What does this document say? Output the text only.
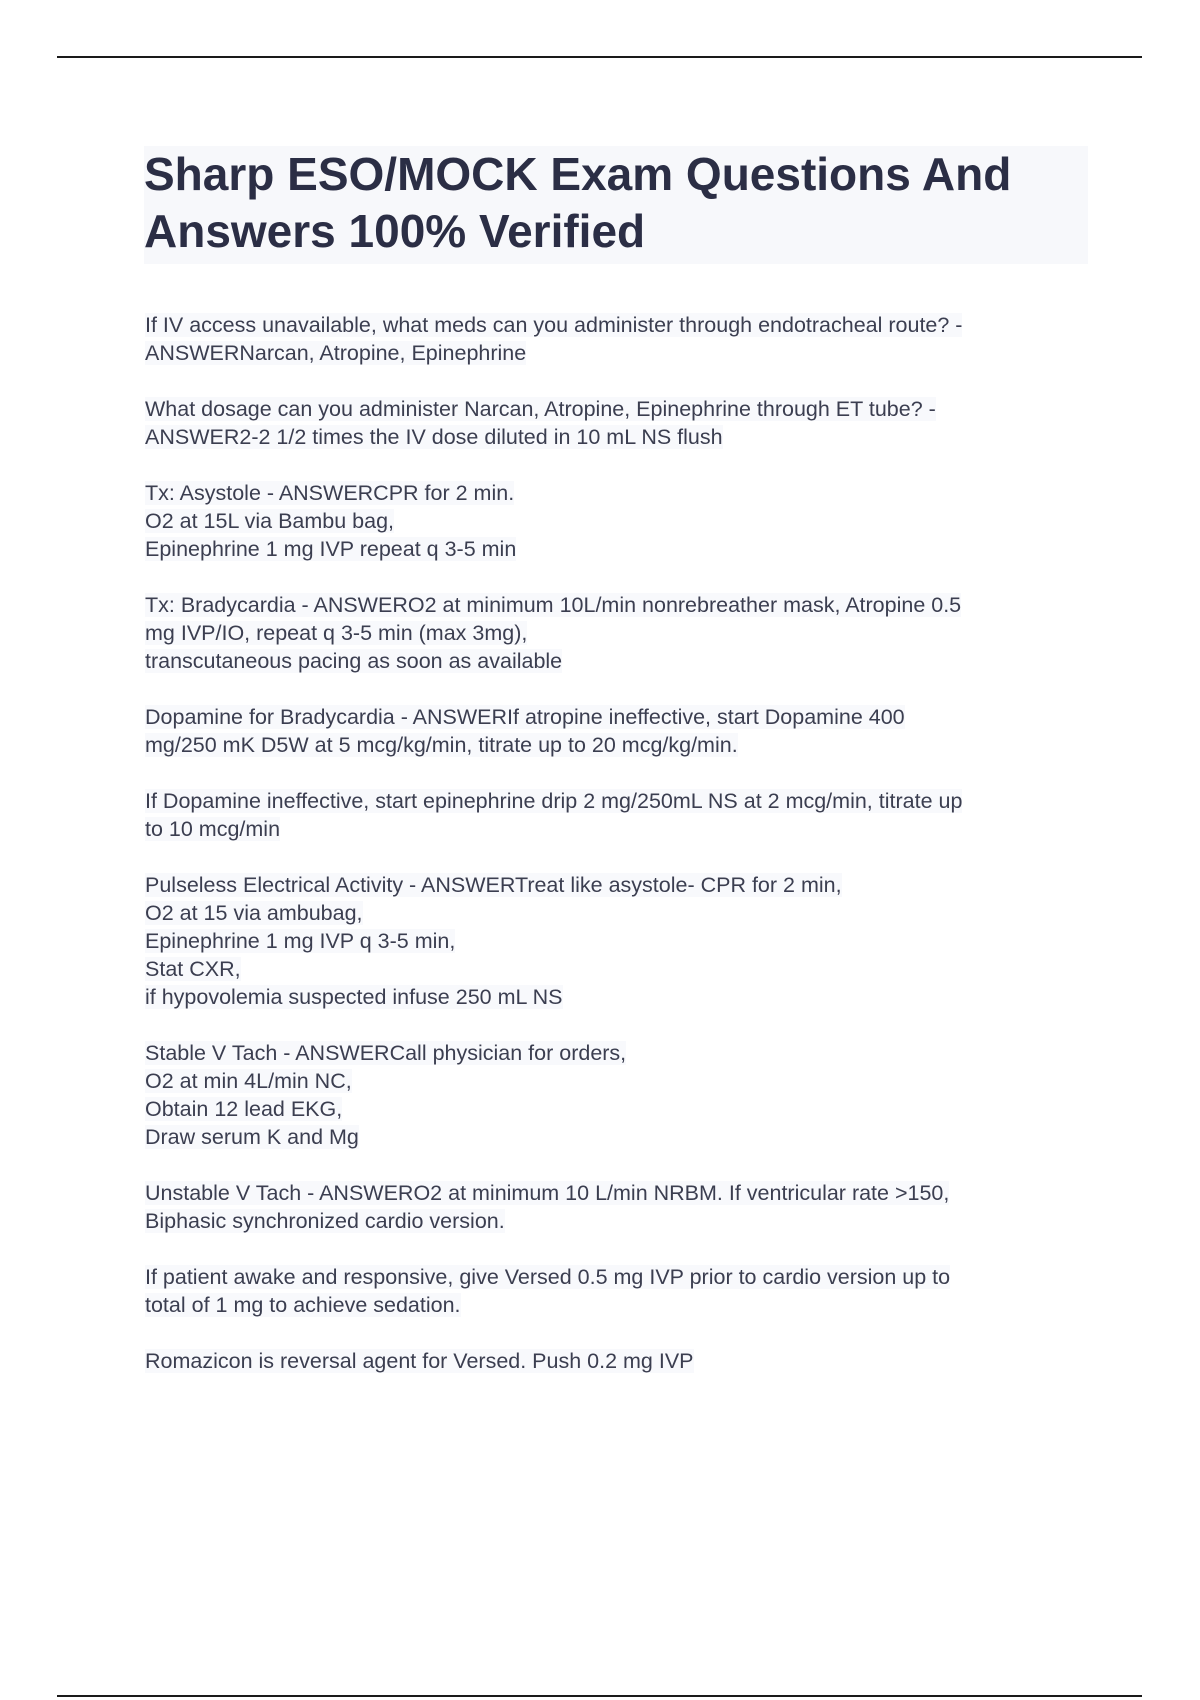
Sharp ESO/MOCK Exam Questions And
Answers 100% Verified

If IV access unavailable, what meds can you administer through endotracheal route? -
ANSWERNarcan, Atropine, Epinephrine

What dosage can you administer Narcan, Atropine, Epinephrine through ET tube? -
ANSWER2-2 1/2 times the IV dose diluted in 10 mL NS flush

Tx: Asystole - ANSWERCPR for 2 min.
O2 at 15L via Bambu bag,
Epinephrine 1 mg IVP repeat q 3-5 min

Tx: Bradycardia - ANSWERO2 at minimum 10L/min nonrebreather mask, Atropine 0.5
mg IVP/IO, repeat q 3-5 min (max 3mg),
transcutaneous pacing as soon as available

Dopamine for Bradycardia - ANSWERIf atropine ineffective, start Dopamine 400
mg/250 mK D5W at 5 mcg/kg/min, titrate up to 20 mcg/kg/min.

If Dopamine ineffective, start epinephrine drip 2 mg/250mL NS at 2 mcg/min, titrate up
to 10 mcg/min

Pulseless Electrical Activity - ANSWERTreat like asystole- CPR for 2 min,
O2 at 15 via ambubag,
Epinephrine 1 mg IVP q 3-5 min,
Stat CXR,
if hypovolemia suspected infuse 250 mL NS

Stable V Tach - ANSWERCall physician for orders,
O2 at min 4L/min NC,
Obtain 12 lead EKG,
Draw serum K and Mg

Unstable V Tach - ANSWERO2 at minimum 10 L/min NRBM. If ventricular rate >150,
Biphasic synchronized cardio version.

If patient awake and responsive, give Versed 0.5 mg IVP prior to cardio version up to
total of 1 mg to achieve sedation.

Romazicon is reversal agent for Versed. Push 0.2 mg IVP
